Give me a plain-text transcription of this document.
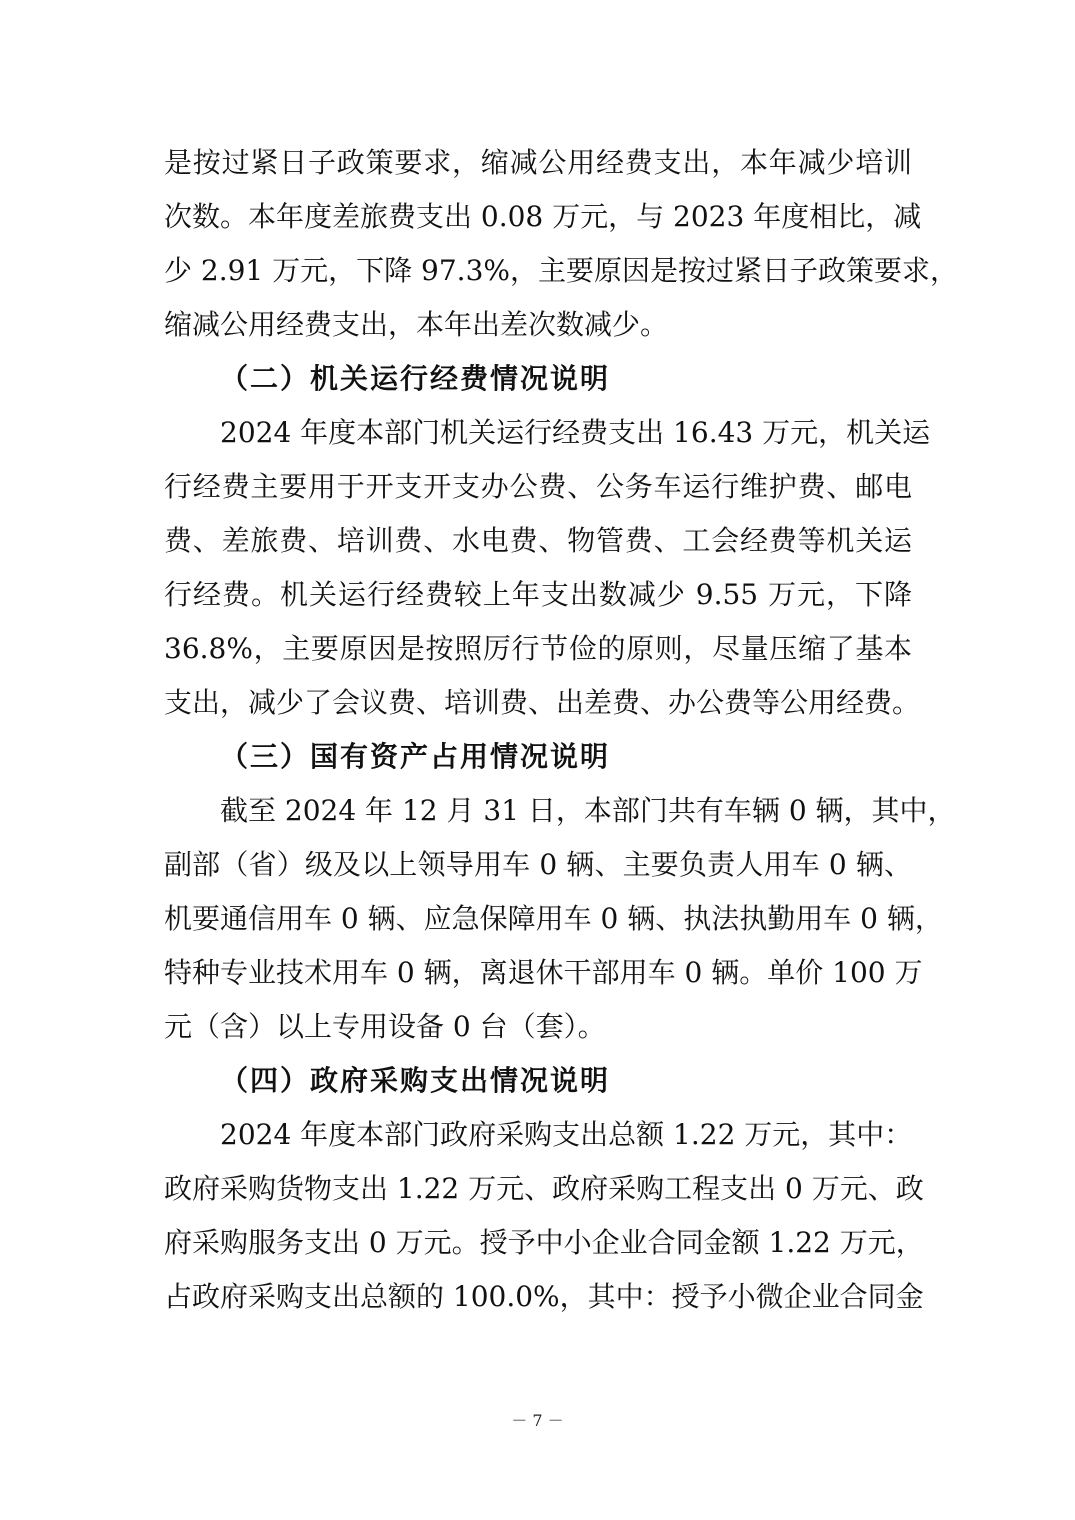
是按过紧日子政策要求，缩减公用经费支出，本年减少培训
次数。本年度差旅费支出 0.08 万元，与 2023 年度相比，减
少 2.91 万元，下降 97.3%，主要原因是按过紧日子政策要求，
缩减公用经费支出，本年出差次数减少。
（二）机关运行经费情况说明
2024 年度本部门机关运行经费支出 16.43 万元，机关运
行经费主要用于开支开支办公费、公务车运行维护费、邮电
费、差旅费、培训费、水电费、物管费、工会经费等机关运
行经费。机关运行经费较上年支出数减少 9.55 万元，下降
36.8%，主要原因是按照厉行节俭的原则，尽量压缩了基本
支出，减少了会议费、培训费、出差费、办公费等公用经费。
（三）国有资产占用情况说明
截至 2024 年 12 月 31 日，本部门共有车辆 0 辆，其中，
副部（省）级及以上领导用车 0 辆、主要负责人用车 0 辆、
机要通信用车 0 辆、应急保障用车 0 辆、执法执勤用车 0 辆，
特种专业技术用车 0 辆，离退休干部用车 0 辆。单价 100 万
元（含）以上专用设备 0 台（套）。
（四）政府采购支出情况说明
2024 年度本部门政府采购支出总额 1.22 万元，其中：
政府采购货物支出 1.22 万元、政府采购工程支出 0 万元、政
府采购服务支出 0 万元。授予中小企业合同金额 1.22 万元，
占政府采购支出总额的 100.0%，其中：授予小微企业合同金
－ 7 －
